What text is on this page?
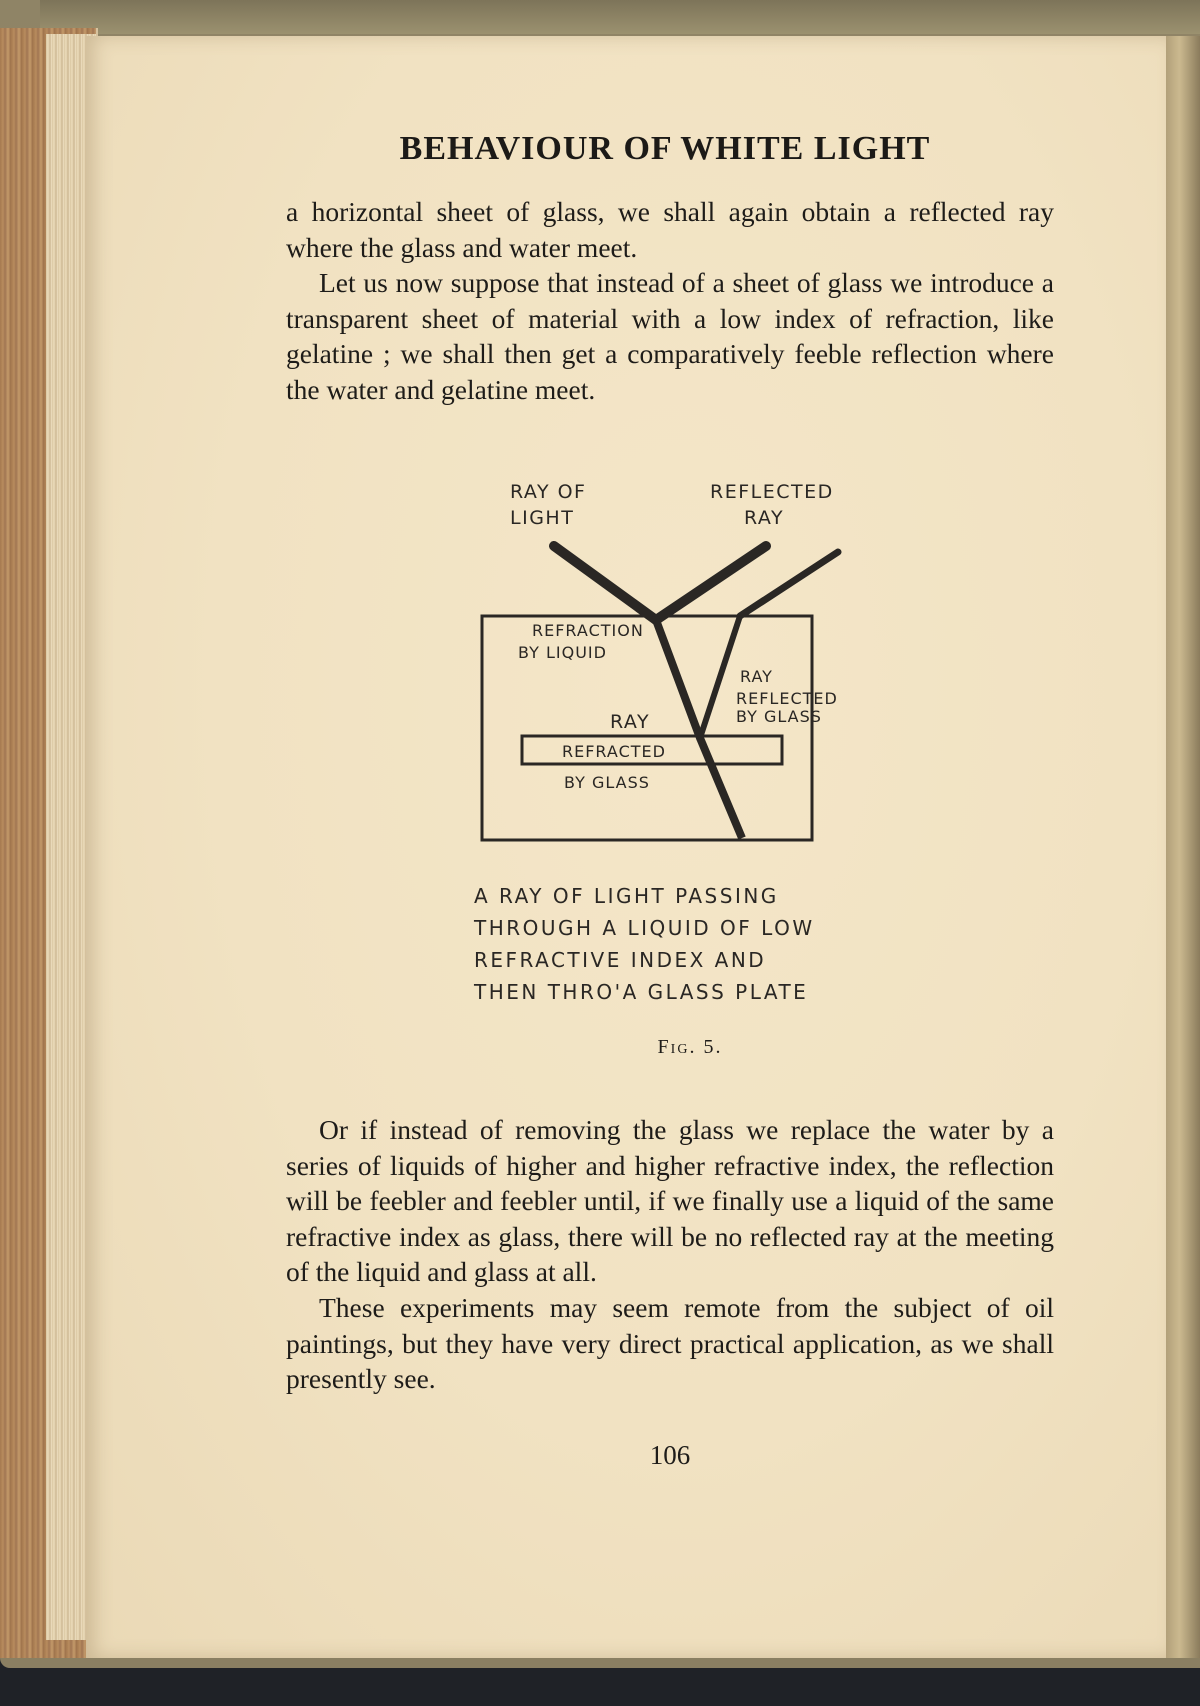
BEHAVIOUR OF WHITE LIGHT

a horizontal sheet of glass, we shall again obtain a reflected ray where the glass and water meet.

Let us now suppose that instead of a sheet of glass we introduce a transparent sheet of material with a low index of refraction, like gelatine ; we shall then get a comparatively feeble reflection where the water and gelatine meet.

RAY OF
LIGHT
REFLECTED
RAY
REFRACTION
BY LIQUID
RAY
REFLECTED
BY GLASS
RAY
REFRACTED
BY GLASS
A RAY OF LIGHT PASSING
THROUGH A LIQUID OF LOW
REFRACTIVE INDEX AND
THEN THRO'A GLASS PLATE
Fig. 5.

Or if instead of removing the glass we replace the water by a series of liquids of higher and higher refractive index, the reflection will be feebler and feebler until, if we finally use a liquid of the same refractive index as glass, there will be no reflected ray at the meeting of the liquid and glass at all.

These experiments may seem remote from the subject of oil paintings, but they have very direct practical application, as we shall presently see.

106
